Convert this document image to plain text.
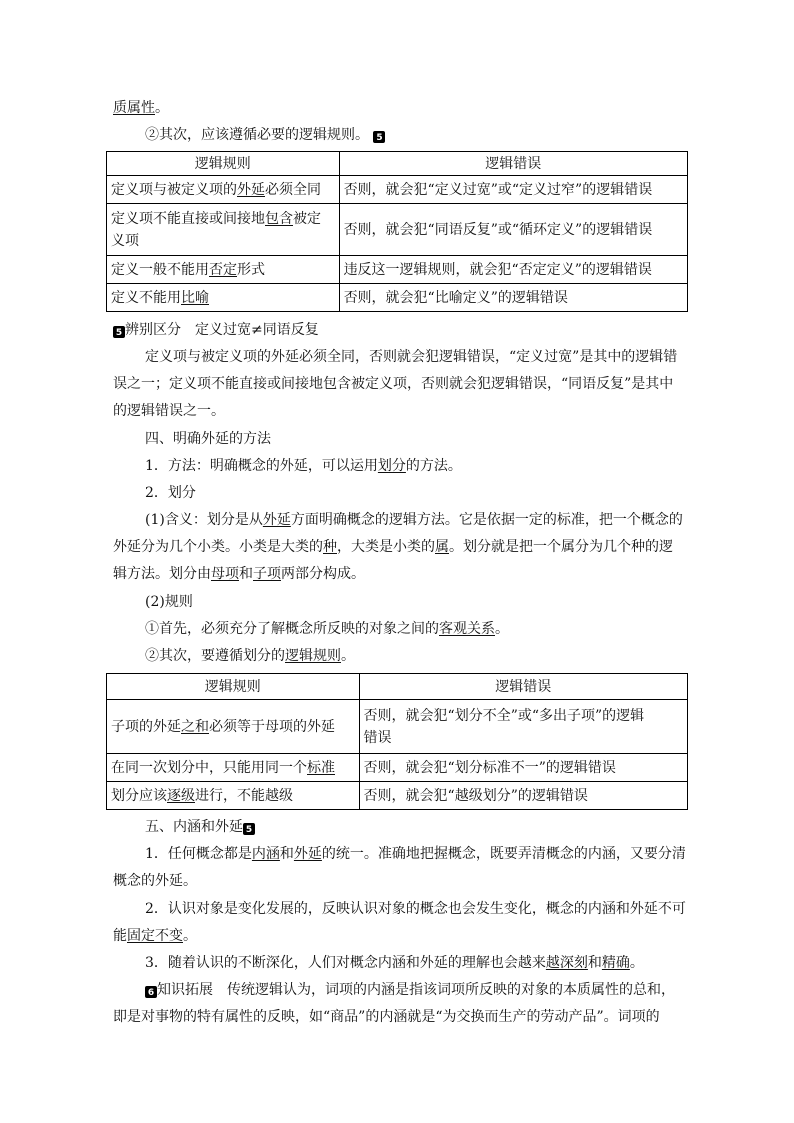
质属性。
②其次，应该遵循必要的逻辑规则。 5
逻辑规则	逻辑错误
定义项与被定义项的外延必须全同	否则，就会犯“定义过宽”或“定义过窄”的逻辑错误
定义项不能直接或间接地包含被定
义项	否则，就会犯“同语反复”或“循环定义”的逻辑错误
定义一般不能用否定形式	违反这一逻辑规则，就会犯“否定定义”的逻辑错误
定义不能用比喻	否则，就会犯“比喻定义”的逻辑错误
5 辨别区分　定义过宽≠同语反复
定义项与被定义项的外延必须全同，否则就会犯逻辑错误，“定义过宽”是其中的逻辑错
误之一；定义项不能直接或间接地包含被定义项，否则就会犯逻辑错误，“同语反复”是其中
的逻辑错误之一。
四、明确外延的方法
1．方法：明确概念的外延，可以运用划分的方法。
2．划分
(1)含义：划分是从外延方面明确概念的逻辑方法。它是依据一定的标准，把一个概念的
外延分为几个小类。小类是大类的种，大类是小类的属。划分就是把一个属分为几个种的逻
辑方法。划分由母项和子项两部分构成。
(2)规则
①首先，必须充分了解概念所反映的对象之间的客观关系。
②其次，要遵循划分的逻辑规则。
逻辑规则	逻辑错误
子项的外延之和必须等于母项的外延	否则，就会犯“划分不全”或“多出子项”的逻辑
错误
在同一次划分中，只能用同一个标准	否则，就会犯“划分标准不一”的逻辑错误
划分应该逐级进行，不能越级	否则，就会犯“越级划分”的逻辑错误
五、内涵和外延 5
1．任何概念都是内涵和外延的统一。准确地把握概念，既要弄清概念的内涵，又要分清
概念的外延。
2．认识对象是变化发展的，反映认识对象的概念也会发生变化，概念的内涵和外延不可
能固定不变。
3．随着认识的不断深化，人们对概念内涵和外延的理解也会越来越深刻和精确。
6 知识拓展　 传统逻辑认为，词项的内涵是指该词项所反映的对象的本质属性的总和，
即是对事物的特有属性的反映，如“商品”的内涵就是“为交换而生产的劳动产品”。词项的
